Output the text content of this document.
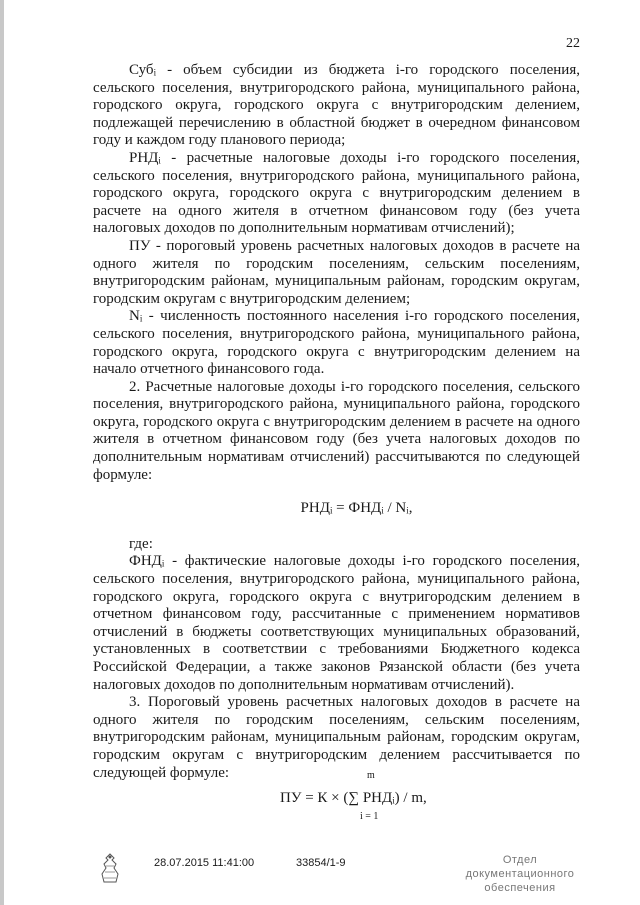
22

Субᵢ - объем субсидии из бюджета i-го городского поселения, сельского поселения, внутригородского района, муниципального района, городского округа, городского округа с внутригородским делением, подлежащей перечислению в областной бюджет в очередном финансовом году и каждом году планового периода;

РНДᵢ - расчетные налоговые доходы i-го городского поселения, сельского поселения, внутригородского района, муниципального района, городского округа, городского округа с внутригородским делением в расчете на одного жителя в отчетном финансовом году (без учета налоговых доходов по дополнительным нормативам отчислений);

ПУ - пороговый уровень расчетных налоговых доходов в расчете на одного жителя по городским поселениям, сельским поселениям, внутригородским районам, муниципальным районам, городским округам, городским округам с внутригородским делением;

Nᵢ - численность постоянного населения i-го городского поселения, сельского поселения, внутригородского района, муниципального района, городского округа, городского округа с внутригородским делением на начало отчетного финансового года.

2. Расчетные налоговые доходы i-го городского поселения, сельского поселения, внутригородского района, муниципального района, городского округа, городского округа с внутригородским делением в расчете на одного жителя в отчетном финансовом году (без учета налоговых доходов по дополнительным нормативам отчислений) рассчитываются по следующей формуле:

РНДᵢ = ФНДᵢ / Nᵢ,

где:

ФНДᵢ - фактические налоговые доходы i-го городского поселения, сельского поселения, внутригородского района, муниципального района, городского округа, городского округа с внутригородским делением в отчетном финансовом году, рассчитанные с применением нормативов отчислений в бюджеты соответствующих муниципальных образований, установленных в соответствии с требованиями Бюджетного кодекса Российской Федерации, а также законов Рязанской области (без учета налоговых доходов по дополнительным нормативам отчислений).

3. Пороговый уровень расчетных налоговых доходов в расчете на одного жителя по городским поселениям, сельским поселениям, внутригородским районам, муниципальным районам, городским округам, городским округам с внутригородским делением рассчитывается по следующей формуле:	m
ПУ = К × (∑ РНДᵢ) / m,
i = 1
28.07.2015 11:41:00	33854/1-9	Отдел документационного
обеспечения
